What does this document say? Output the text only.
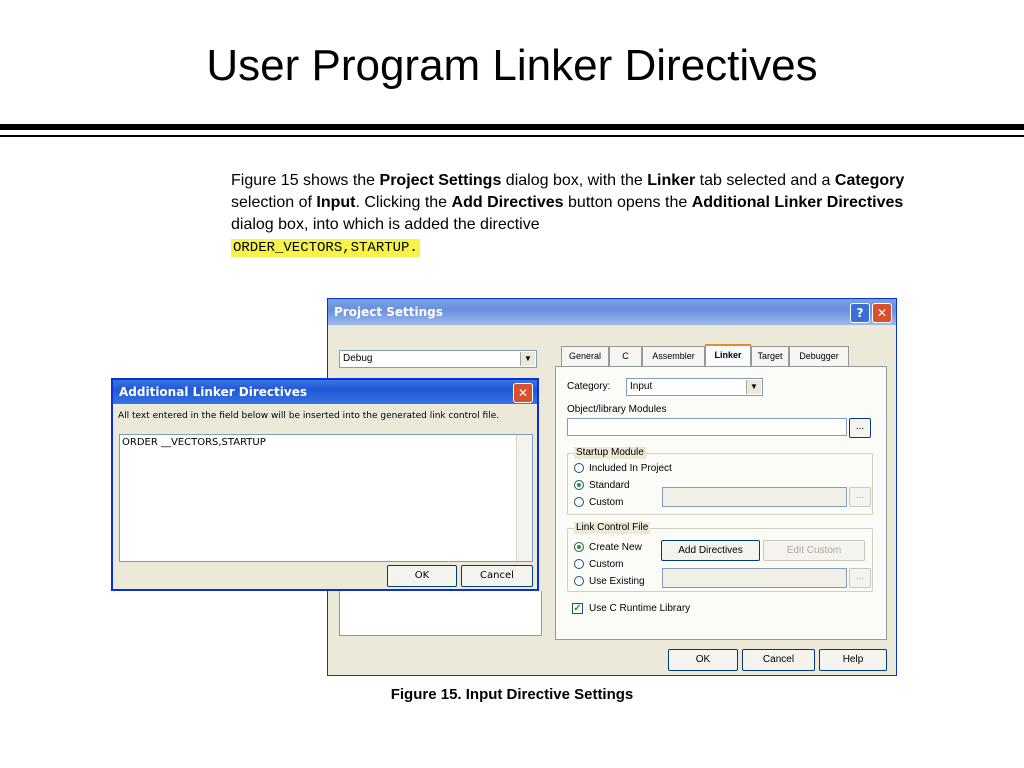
User Program Linker Directives
Figure 15 shows the Project Settings dialog box, with the Linker tab selected and a Category selection of Input. Clicking the Add Directives button opens the Additional Linker Directives dialog box, into which is added the directive
ORDER_VECTORS,STARTUP.
Project Settings	?	✕
Debug	▼	General	C	Assembler	Linker	Target	Debugger
Category:	Input	▼
Object/library Modules
...
Startup Module
Included In Project
Standard
Custom
...
Link Control File
Create New
Custom
Use Existing
Add Directives	Edit Custom
...
✓ Use C Runtime Library
OK	Cancel	Help
Additional Linker Directives	✕
All text entered in the field below will be inserted into the generated link control file.
ORDER __VECTORS,STARTUP
OK	Cancel
Figure 15. Input Directive Settings
